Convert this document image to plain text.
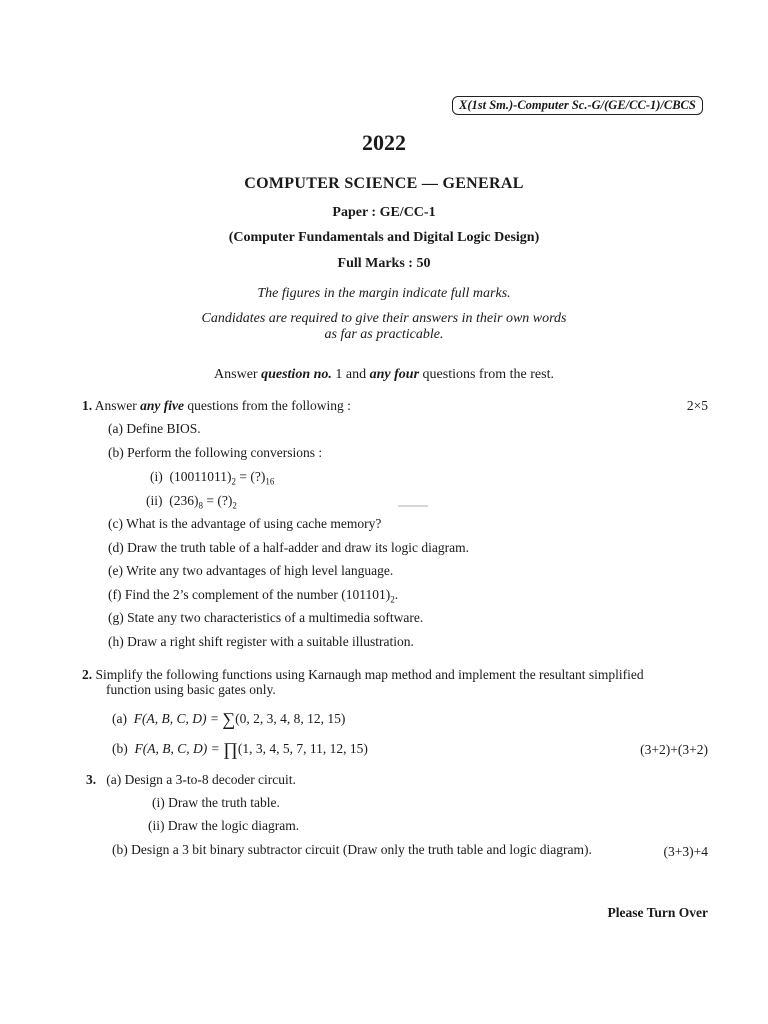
X(1st Sm.)-Computer Sc.-G/(GE/CC-1)/CBCS
2022
COMPUTER SCIENCE — GENERAL
Paper : GE/CC-1
(Computer Fundamentals and Digital Logic Design)
Full Marks : 50
The figures in the margin indicate full marks.
Candidates are required to give their answers in their own words
as far as practicable.
Answer question no. 1 and any four questions from the rest.
1. Answer any five questions from the following :	2×5
(a) Define BIOS.
(b) Perform the following conversions :
(i) $(10011011)_2$ = $(?)_{16}$
(ii) $(236)_8$ = $(?)_2$
(c) What is the advantage of using cache memory?
(d) Draw the truth table of a half-adder and draw its logic diagram.
(e) Write any two advantages of high level language.
(f) Find the 2’s complement of the number $(101101)_2$.
(g) State any two characteristics of a multimedia software.
(h) Draw a right shift register with a suitable illustration.
2. Simplify the following functions using Karnaugh map method and implement the resultant simplified
function using basic gates only.
(a) F(A, B, C, D) = ∑(0, 2, 3, 4, 8, 12, 15)
(b) F(A, B, C, D) = ∏(1, 3, 4, 5, 7, 11, 12, 15)	(3+2)+(3+2)
3. (a) Design a 3-to-8 decoder circuit.
(i) Draw the truth table.
(ii) Draw the logic diagram.
(b) Design a 3 bit binary subtractor circuit (Draw only the truth table and logic diagram).	(3+3)+4
Please Turn Over
